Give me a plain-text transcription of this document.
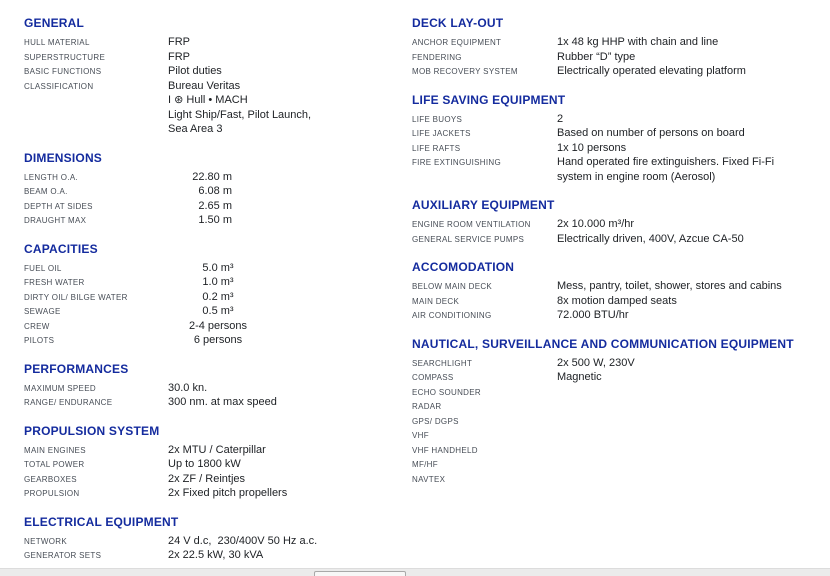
GENERAL
HULL MATERIAL	FRP
SUPERSTRUCTURE	FRP
BASIC FUNCTIONS	Pilot duties
CLASSIFICATION	Bureau Veritas
I ⊛ Hull • MACH
Light Ship/Fast, Pilot Launch,
Sea Area 3
DIMENSIONS
LENGTH O.A.	22.80 m
BEAM O.A.	6.08 m
DEPTH AT SIDES	2.65 m
DRAUGHT MAX	1.50 m
CAPACITIES
FUEL OIL	5.0 m³
FRESH WATER	1.0 m³
DIRTY OIL/ BILGE WATER	0.2 m³
SEWAGE	0.5 m³
CREW	2-4 persons
PILOTS	6 persons
PERFORMANCES
MAXIMUM SPEED	30.0 kn.
RANGE/ ENDURANCE	300 nm. at max speed
PROPULSION SYSTEM
MAIN ENGINES	2x MTU / Caterpillar
TOTAL POWER	Up to 1800 kW
GEARBOXES	2x ZF / Reintjes
PROPULSION	2x Fixed pitch propellers
ELECTRICAL EQUIPMENT
NETWORK	24 V d.c,  230/400V 50 Hz a.c.
GENERATOR SETS	2x 22.5 kW, 30 kVA
DECK LAY-OUT
ANCHOR EQUIPMENT	1x 48 kg HHP with chain and line
FENDERING	Rubber “D” type
MOB RECOVERY SYSTEM	Electrically operated elevating platform
LIFE SAVING EQUIPMENT
LIFE BUOYS	2
LIFE JACKETS	Based on number of persons on board
LIFE RAFTS	1x 10 persons
FIRE EXTINGUISHING	Hand operated fire extinguishers. Fixed Fi-Fi
system in engine room (Aerosol)
AUXILIARY EQUIPMENT
ENGINE ROOM VENTILATION	2x 10.000 m³/hr
GENERAL SERVICE PUMPS	Electrically driven, 400V, Azcue CA-50
ACCOMODATION
BELOW MAIN DECK	Mess, pantry, toilet, shower, stores and cabins
MAIN DECK	8x motion damped seats
AIR CONDITIONING	72.000 BTU/hr
NAUTICAL, SURVEILLANCE AND COMMUNICATION EQUIPMENT
SEARCHLIGHT	2x 500 W, 230V
COMPASS	Magnetic
ECHO SOUNDER
RADAR
GPS/ DGPS
VHF
VHF HANDHELD
MF/HF
NAVTEX
